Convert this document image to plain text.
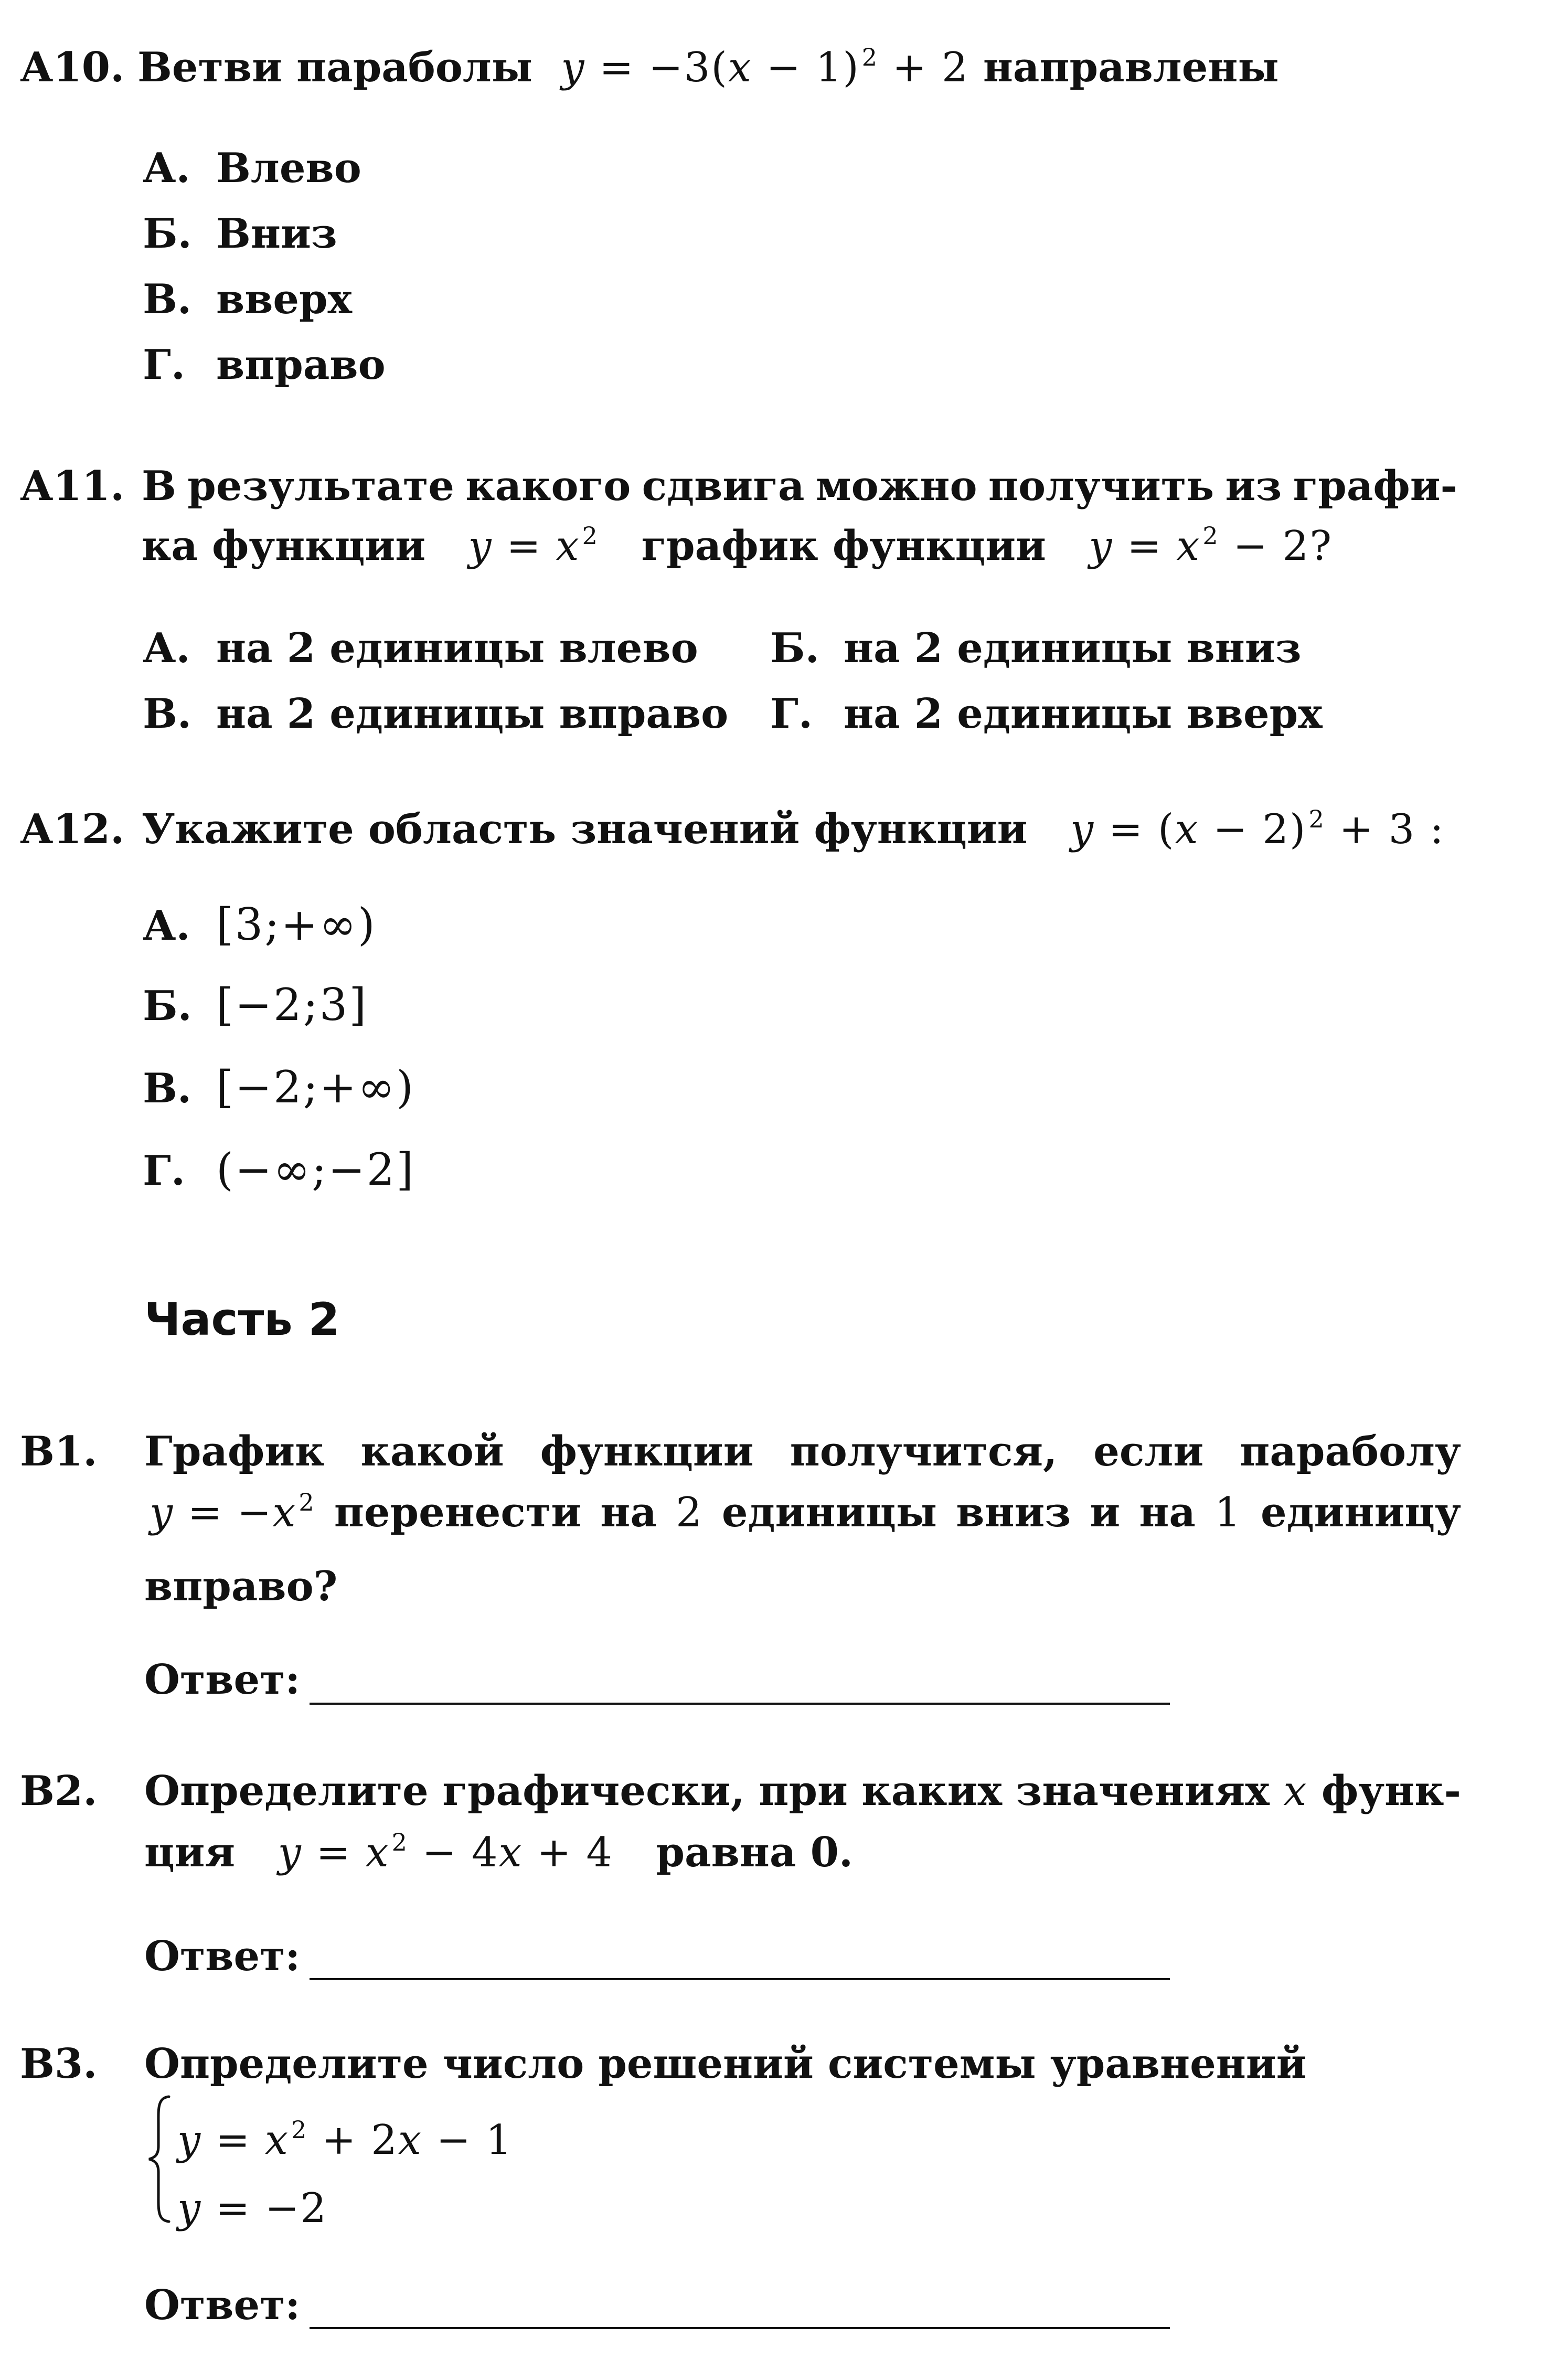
А10. Ветви параболы $y = -3(x - 1)^2 + 2$ направлены
А. Влево
Б. Вниз
В. вверх
Г. вправо
А11. В результате какого сдвига можно получить из графи-
ка функции $y = x^2$ график функции $y = x^2 - 2$?
А. на 2 единицы влево Б. на 2 единицы вниз
В. на 2 единицы вправо Г. на 2 единицы вверх
А12. Укажите область значений функции $y = (x - 2)^2 + 3$ :
А. [3;+∞)
Б. [−2;3]
В. [−2;+∞)
Г. (−∞;−2]
Часть 2
В1. График какой функции получится, если параболу
$y = -x^2$ перенести на 2 единицы вниз и на 1 единицу
вправо?
Ответ:
В2. Определите графически, при каких значениях x функ-
ция $y = x^2 - 4x + 4$ равна 0.
Ответ:
В3. Определите число решений системы уравнений
$y = x^2 + 2x - 1$
y = −2
Ответ:
